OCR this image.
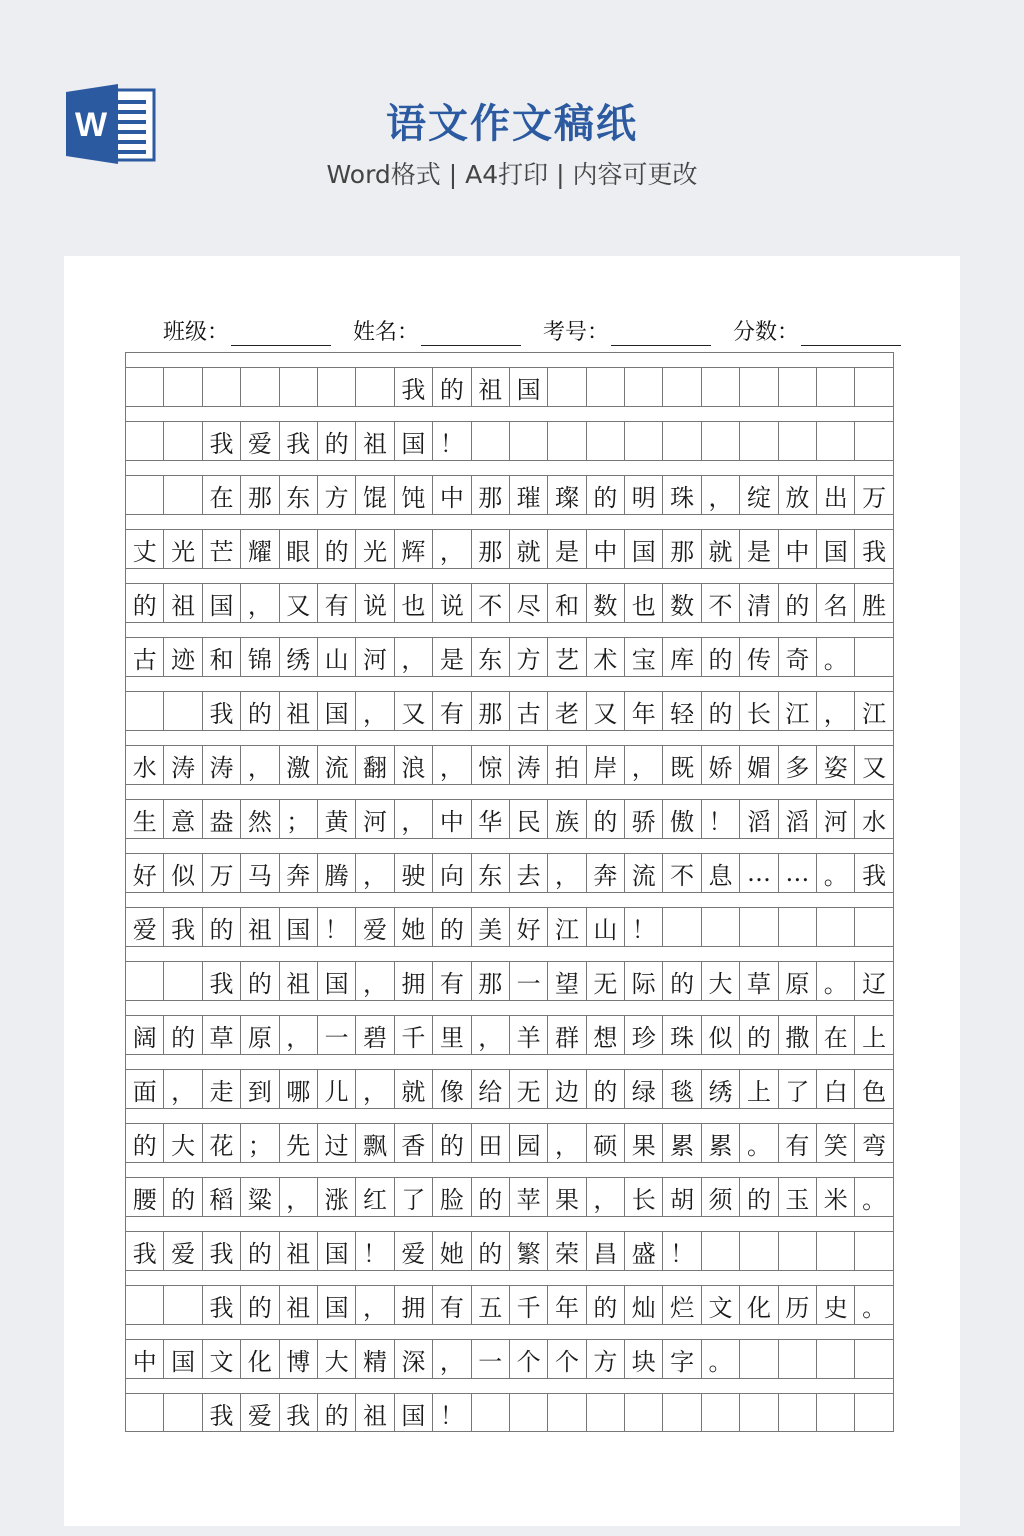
W	语文作文稿纸
Word格式 | A4打印 | 内容可更改
班级：	姓名：	考号：	分数：
我 的 祖 国
我 爱 我 的 祖 国 ！
在 那 东 方 馄 饨 中 那 璀 璨 的 明 珠 ， 绽 放 出 万
丈 光 芒 耀 眼 的 光 辉 ， 那 就 是 中 国 那 就 是 中 国 我
的 祖 国 ， 又 有 说 也 说 不 尽 和 数 也 数 不 清 的 名 胜
古 迹 和 锦 绣 山 河 ， 是 东 方 艺 术 宝 库 的 传 奇 。
我 的 祖 国 ， 又 有 那 古 老 又 年 轻 的 长 江 ， 江
水 涛 涛 ， 激 流 翻 浪 ， 惊 涛 拍 岸 ， 既 娇 媚 多 姿 又
生 意 盎 然 ； 黄 河 ， 中 华 民 族 的 骄 傲 ！ 滔 滔 河 水
好 似 万 马 奔 腾 ， 驶 向 东 去 ， 奔 流 不 息 … … 。 我
爱 我 的 祖 国 ！ 爱 她 的 美 好 江 山 ！
我 的 祖 国 ， 拥 有 那 一 望 无 际 的 大 草 原 。 辽
阔 的 草 原 ， 一 碧 千 里 ， 羊 群 想 珍 珠 似 的 撒 在 上
面 ， 走 到 哪 儿 ， 就 像 给 无 边 的 绿 毯 绣 上 了 白 色
的 大 花 ； 先 过 飘 香 的 田 园 ， 硕 果 累 累 。 有 笑 弯
腰 的 稻 粱 ， 涨 红 了 脸 的 苹 果 ， 长 胡 须 的 玉 米 。
我 爱 我 的 祖 国 ！ 爱 她 的 繁 荣 昌 盛 ！
我 的 祖 国 ， 拥 有 五 千 年 的 灿 烂 文 化 历 史 。
中 国 文 化 博 大 精 深 ， 一 个 个 方 块 字 。
我 爱 我 的 祖 国 ！
